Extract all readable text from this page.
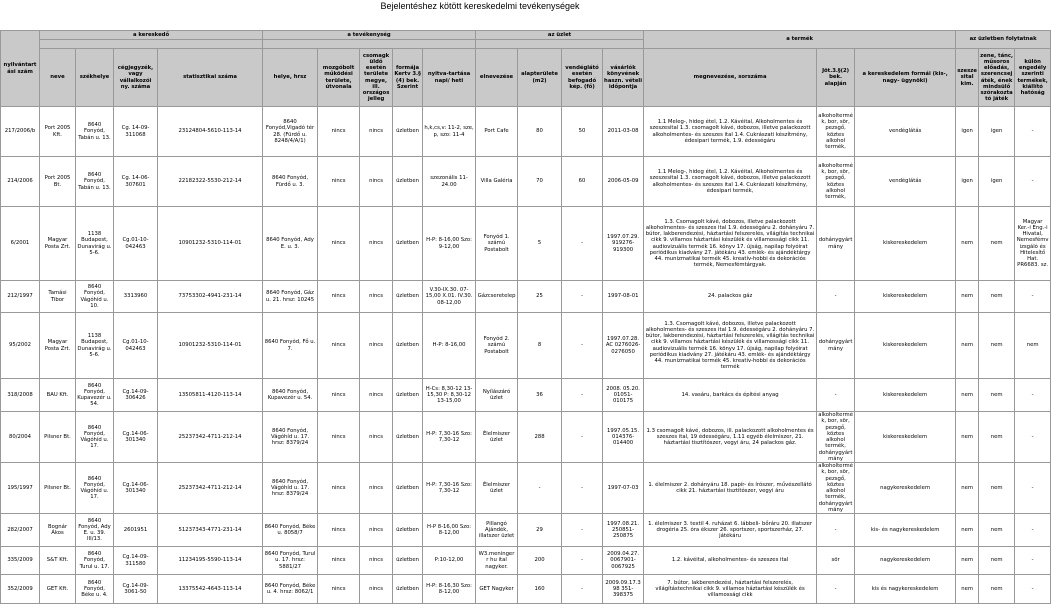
Bejelentéshez kötött kereskedelmi tevékenységek
nyilvántartási szám	a kereskedő				a tevékenység					az üzlet				a termék			az üzletben folytatnak		

	neve	székhelye	cégjegyzék, vagy vállalkozói ny. száma	statisztikai száma	helye, hrsz	mozgóbolt működési területe, útvonala	csomagküldő esetén területe megye, ill. országos jelleg	formája Kertv 3.§ (4) bek. Szerint	nyitva-tartása napi/ heti	elnevezése	alapterülete (m2)	vendéglátó esetén befogadó kép. (fő)	vásárlók könyvének haszn. vételi időpontja	megnevezése, sorszáma	Jöt.3.§(2) bek. alapján	a kereskedelem formái (kis-, nagy- ügynöki)	szeszesital kim.	zene, tánc, műsoros előadás, szerencsejáték, ének mindsülő szórakoztató játék	külön engedély szerinti termékek, kiállító hatóság
217/2006/b	Port 2005 Kft.	8640 Fonyód, Tabán u. 13.	Cg. 14-09-311068	23124804-5610-113-14	8640 Fonyód,Vigadó tér 28. (Fürdő u. 8248/4/A/1)	nincs	nincs	üzletben	h,k,cs,v: 11-2, sze, p, szo: 11-4	Port Cafe	80	50	2011-03-08	1.1 Meleg-, hideg étel, 1.2. Kávéital, Alkoholmentes és szeszesital 1.3. csomagolt kávé, dobozos, illetve palackozott alkoholmentes- és szeszes ital 1.4. Cukrászati készítmény, édesipari termék, 1.9. édességáru	alkoholtermék, bor, sör, pezsgő, köztes alkohol termék,	vendéglátás	igen	igen	-
214/2006	Port 2005 Bt.	8640 Fonyód, Tabán u. 13.	Cg. 14-06-307601	22182322-5530-212-14	8640 Fonyód, Fürdő u. 3.	nincs	nincs	üzletben	szezonális 11-24.00	Villa Galéria	70	60	2006-05-09	1.1 Meleg-, hideg étel, 1.2. Kávéital, Alkoholmentes és szeszesital 1.3. csomagolt kávé, dobozos, illetve palackozott alkoholmentes- és szeszes ital 1.4. Cukrászati készítmény, édesipari termék,	alkoholtermék, bor, sör, pezsgő, köztes alkohol termék,	vendéglátás	igen	igen	-
6/2001	Magyar Posta Zrt.	1138 Budapest, Dunavirág u. 5-6.	Cg.01-10-042463	10901232-5310-114-01	8640 Fonyód, Ady E. u. 3.	nincs	nincs	üzletben	H-P: 8-16,00 Szo: 9-12,00	Fonyód 1. számú Postabolt	5	-	1997.07.29. 919276-919300	1.3. Csomagolt kávé, dobozos, illetve palackozott alkoholmentes- és szeszes ital 1.9. édességáru 2. dohányáru 7. bútor, lakberendezési, háztartási felszerelés, világítás technikai cikk 9. villamos háztartási készülék és villamossági cikk 11. audiovizuális termék 16. könyv 17. újság, napilap folyóirat periódikus kiadvány 27. játékáru 43. emlék- és ajándéktárgy 44. munizmatikai termék 45. kreatív-hobbi és dekorációs termék, Nemesfémtárgyak.	dohánygyártmány	kiskereskedelem	nem	nem	Magyar Ker.-i Eng.-i Hivatal, Nemesfémvizsgáló és Hitelesítő Hat. PR6683. sz.
212/1997	Tamási Tibor	8640 Fonyód, Vágóhíd u. 10.	3313960	73753302-4941-231-14	8640 Fonyód, Gáz u. 21. hrsz: 10245	nincs	nincs	üzletben	V.30-IX.30. 07-15,00 X.01. IV.30. 08-12,00	Gázcseretelep	25	-	1997-08-01	24. palackos gáz	-	kiskereskedelem	nem	nem	-
95/2002	Magyar Posta Zrt.	1138 Budapest, Dunavirág u. 5-6.	Cg.01-10-042463	10901232-5310-114-01	8640 Fonyód, Fő u. 7.	nincs	nincs	üzletben	H-P: 8-16,00	Fonyód 2. számú Postabolt	8	-	1997.07.28. AC 0276026-0276050	1.3. Csomagolt kávé, dobozos, illetve palackozott alkoholmentes- és szeszes ital 1.9. édességáru 2. dohányáru 7. bútor, lakberendezési, háztartási felszerelés, világítás technikai cikk 9. villamos háztartási készülék és villamossági cikk 11. audiovizuális termék 16. könyv 17. újság, napilap folyóirat periódikus kiadvány 27. játékáru 43. emlék- és ajándéktárgy 44. munizmatikai termék 45. kreatív-hobbi és dekorációs termék	dohánygyártmány	kiskereskedelem	nem	nem	nem
318/2008	BAU Kft.	8640 Fonyód, Kupavezér u. 54.	Cg.14-09-306426	13505811-4120-113-14	8640 Fonyód, Kupavezér u. 54.	nincs	nincs	üzletben	H-Cs: 8,30-12 13-15,30 P: 8,30-12 13-15,00	Nyílászáró üzlet	36	-	2008. 05.20. 01051-010175	14. vasáru, barkács és építési anyag	-	kiskereskedelem	nem	nem	-
80/2004	Pilsner Bt.	8640 Fonyód, Vágóhíd u. 17.	Cg.14-06-301340	25237342-4711-212-14	8640 Fonyód, Vágóhíd u. 17. hrsz: 8379/24	nincs	nincs	üzletben	H-P: 7,30-16 Szo: 7,30-12	Élelmiszer üzlet	288	-	1997.05.15. 014376-014400	1.3 csomagolt kávé, dobozos, ill. palackozott alkoholmentes és szeszes ital, 19 édességáru, 1.11 egyéb élelmiszer, 21. háztartási tisztítószer, vegyi áru, 24 palackos gáz.	alkoholtermék, bor, sör, pezsgő, köztes alkohol termék, dohánygyártmány	kiskereskedelem	nem	nem	-
195/1997	Pilsner Bt.	8640 Fonyód, Vágóhíd u. 17.	Cg.14-06-301340	25237342-4711-212-14	8640 Fonyód, Vágóhíd u. 17. hrsz: 8379/24	nincs	nincs	üzletben	H-P: 7,30-16 Szo: 7,30-12	Élelmiszer üzlet	-	-	1997-07-03	1. élelmiszer 2. dohányáru 18. papír- és írószer, művészellátó cikk 21. háztartási tisztítószer, vegyi áru	alkoholtermék, bor, sör, pezsgő, köztes alkohol termék, dohánygyártmány	nagykereskedelem	nem	nem	-
282/2007	Bognár Ákos	8640 Fonyód, Ady E. u. 39. III/13.	2601951	51237343-4771-231-14	8640 Fonyód, Béke u. 8058/7	nincs	nincs	üzletben	H-P 8-16,00 Szo: 8-12,00	Pillangó Ajándék, illatszer üzlet	29	-	1997.08.21. 250851-250875	1. élelmiszer 3. textil 4. ruházat 6. lábbeli- bőráru 20. illatszer drogéria 25. óra ékszer 26. sportszer, sportszerház, 27. játékáru	-	kis- és nagykereskedelem	nem	nem	-
335/2009	S&T Kft.	8640 Fonyód, Turul u. 17.	Cg.14-09-311580	11234195-5590-113-14	8640 Fonyód, Turul u. 17. hrsz: 5881/27	nincs	nincs	üzletben	P:10-12,00	W3.meninger r hu ital nagyker.	200	-	2009.04.27. 0067901-0067925	1.2. kávéital, alkoholmentes- és szeszes ital	sör	nagykereskedelem	nem	nem	-
352/2009	GET Kft.	8640 Fonyód, Béke u. 4.	Cg.14-09-3061-50	13375542-4643-113-14	8640 Fonyód, Béke u. 4. hrsz: 8062/1	nincs	nincs	üzletben	H-P: 8-16,30 Szo: 8-12,00	GET Nagyker	160	-	2009.09.17.398 351-398375	7. bútor, lakberendezési, háztartási felszerelés, világítástechnikai cikk 9. villamos háztartási készülék és villamossági cikk	-	kis és nagykereskedelem	nem	nem	-
